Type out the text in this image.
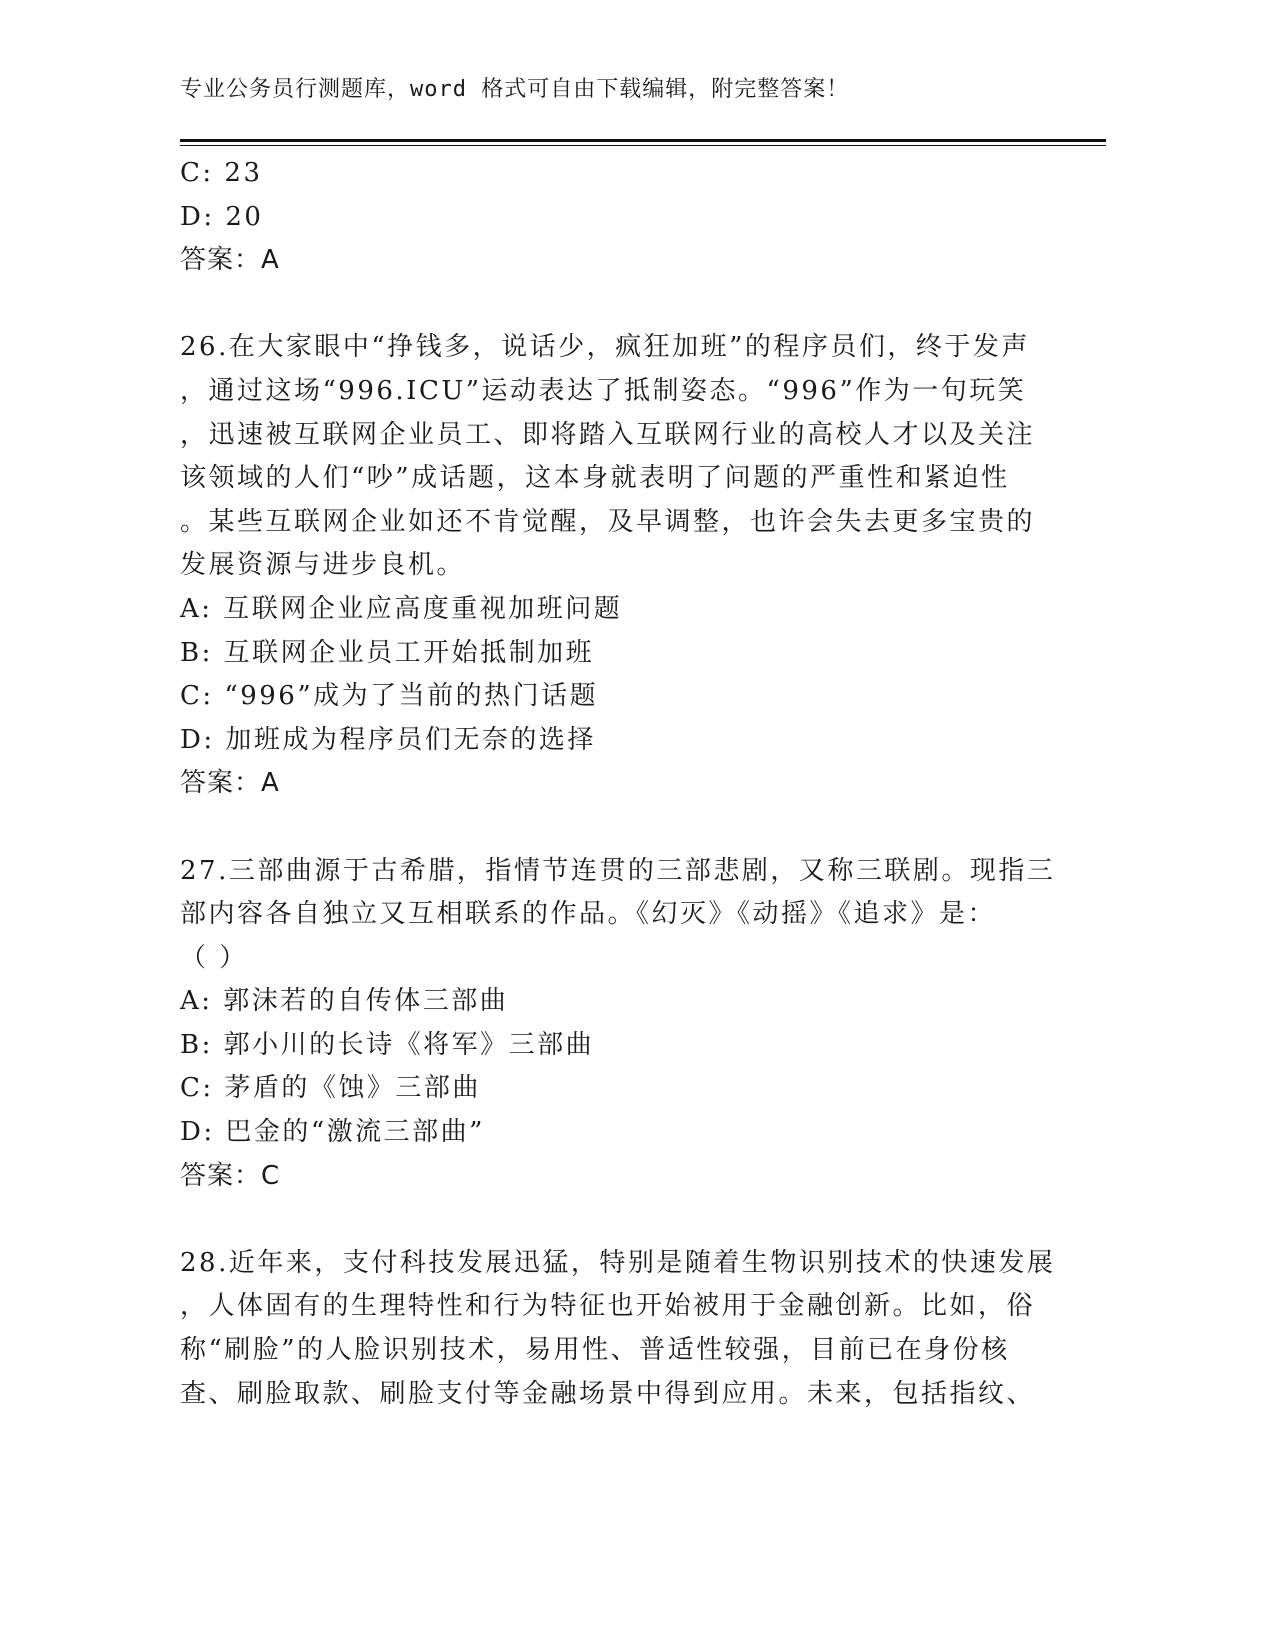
专业公务员行测题库，word 格式可自由下载编辑，附完整答案！
C: 23
D: 20
答案：A
26.在大家眼中“挣钱多，说话少，疯狂加班”的程序员们，终于发声
，通过这场“996.ICU”运动表达了抵制姿态。“996”作为一句玩笑
，迅速被互联网企业员工、即将踏入互联网行业的高校人才以及关注
该领域的人们“吵”成话题，这本身就表明了问题的严重性和紧迫性
。某些互联网企业如还不肯觉醒，及早调整，也许会失去更多宝贵的
发展资源与进步良机。
A: 互联网企业应高度重视加班问题
B: 互联网企业员工开始抵制加班
C: “996”成为了当前的热门话题
D: 加班成为程序员们无奈的选择
答案：A
27.三部曲源于古希腊，指情节连贯的三部悲剧，又称三联剧。现指三
部内容各自独立又互相联系的作品。《幻灭》《动摇》《追求》是：
（ ）
A: 郭沫若的自传体三部曲
B: 郭小川的长诗《将军》三部曲
C: 茅盾的《蚀》三部曲
D: 巴金的“激流三部曲”
答案：C
28.近年来，支付科技发展迅猛，特别是随着生物识别技术的快速发展
，人体固有的生理特性和行为特征也开始被用于金融创新。比如，俗
称“刷脸”的人脸识别技术，易用性、普适性较强，目前已在身份核
查、刷脸取款、刷脸支付等金融场景中得到应用。未来，包括指纹、
